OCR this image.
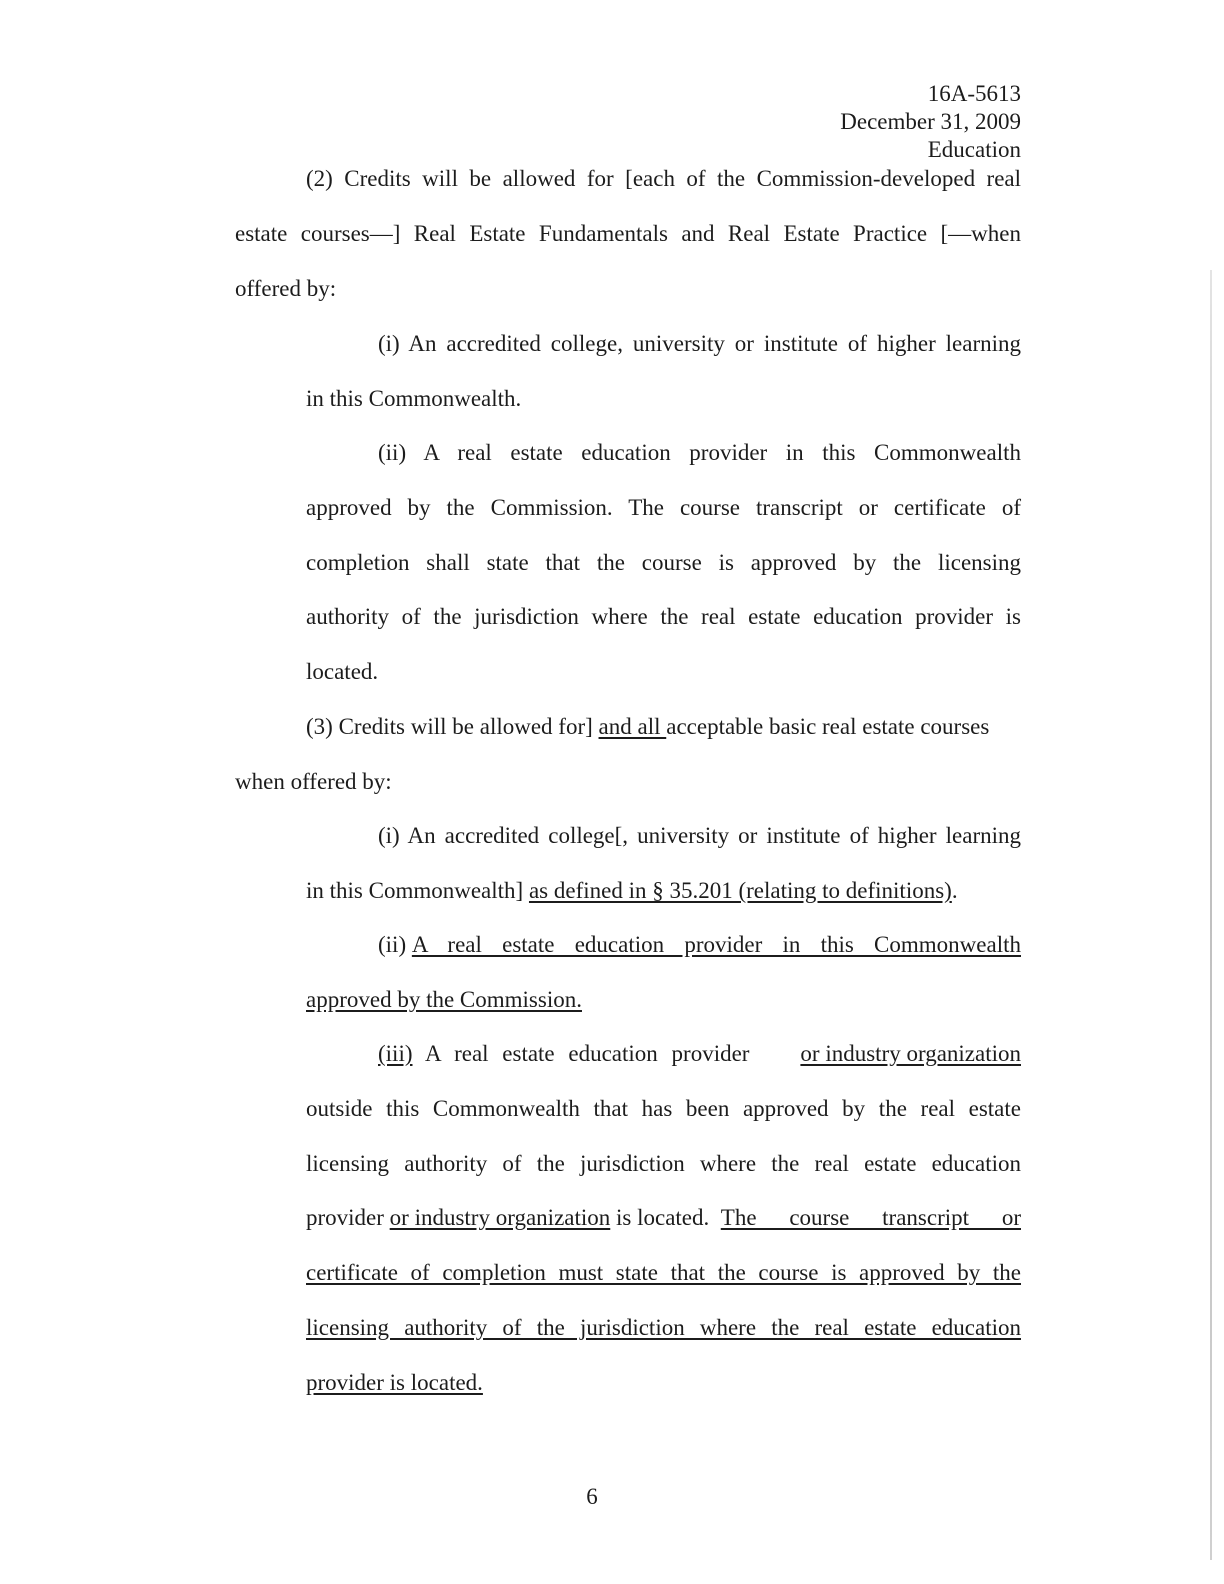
16A-5613
December 31, 2009
Education
(2) Credits will be allowed for [each of the Commission-developed real
estate courses—] Real Estate Fundamentals and Real Estate Practice [—when
offered by:
(i) An accredited college, university or institute of higher learning
in this Commonwealth.
(ii) A real estate education provider in this Commonwealth
approved by the Commission. The course transcript or certificate of
completion shall state that the course is approved by the licensing
authority of the jurisdiction where the real estate education provider is
located.
(3) Credits will be allowed for] and all acceptable basic real estate courses
when offered by:
(i) An accredited college[, university or institute of higher learning
in this Commonwealth] as defined in § 35.201 (relating to definitions).
(ii) A real estate education provider in this Commonwealth
approved by the Commission.
(iii) A real estate education provider	or industry organization
outside this Commonwealth that has been approved by the real estate
licensing authority of the jurisdiction where the real estate education
provider or industry organization is located. The course transcript or
certificate of completion must state that the course is approved by the
licensing authority of the jurisdiction where the real estate education
provider is located.
6
